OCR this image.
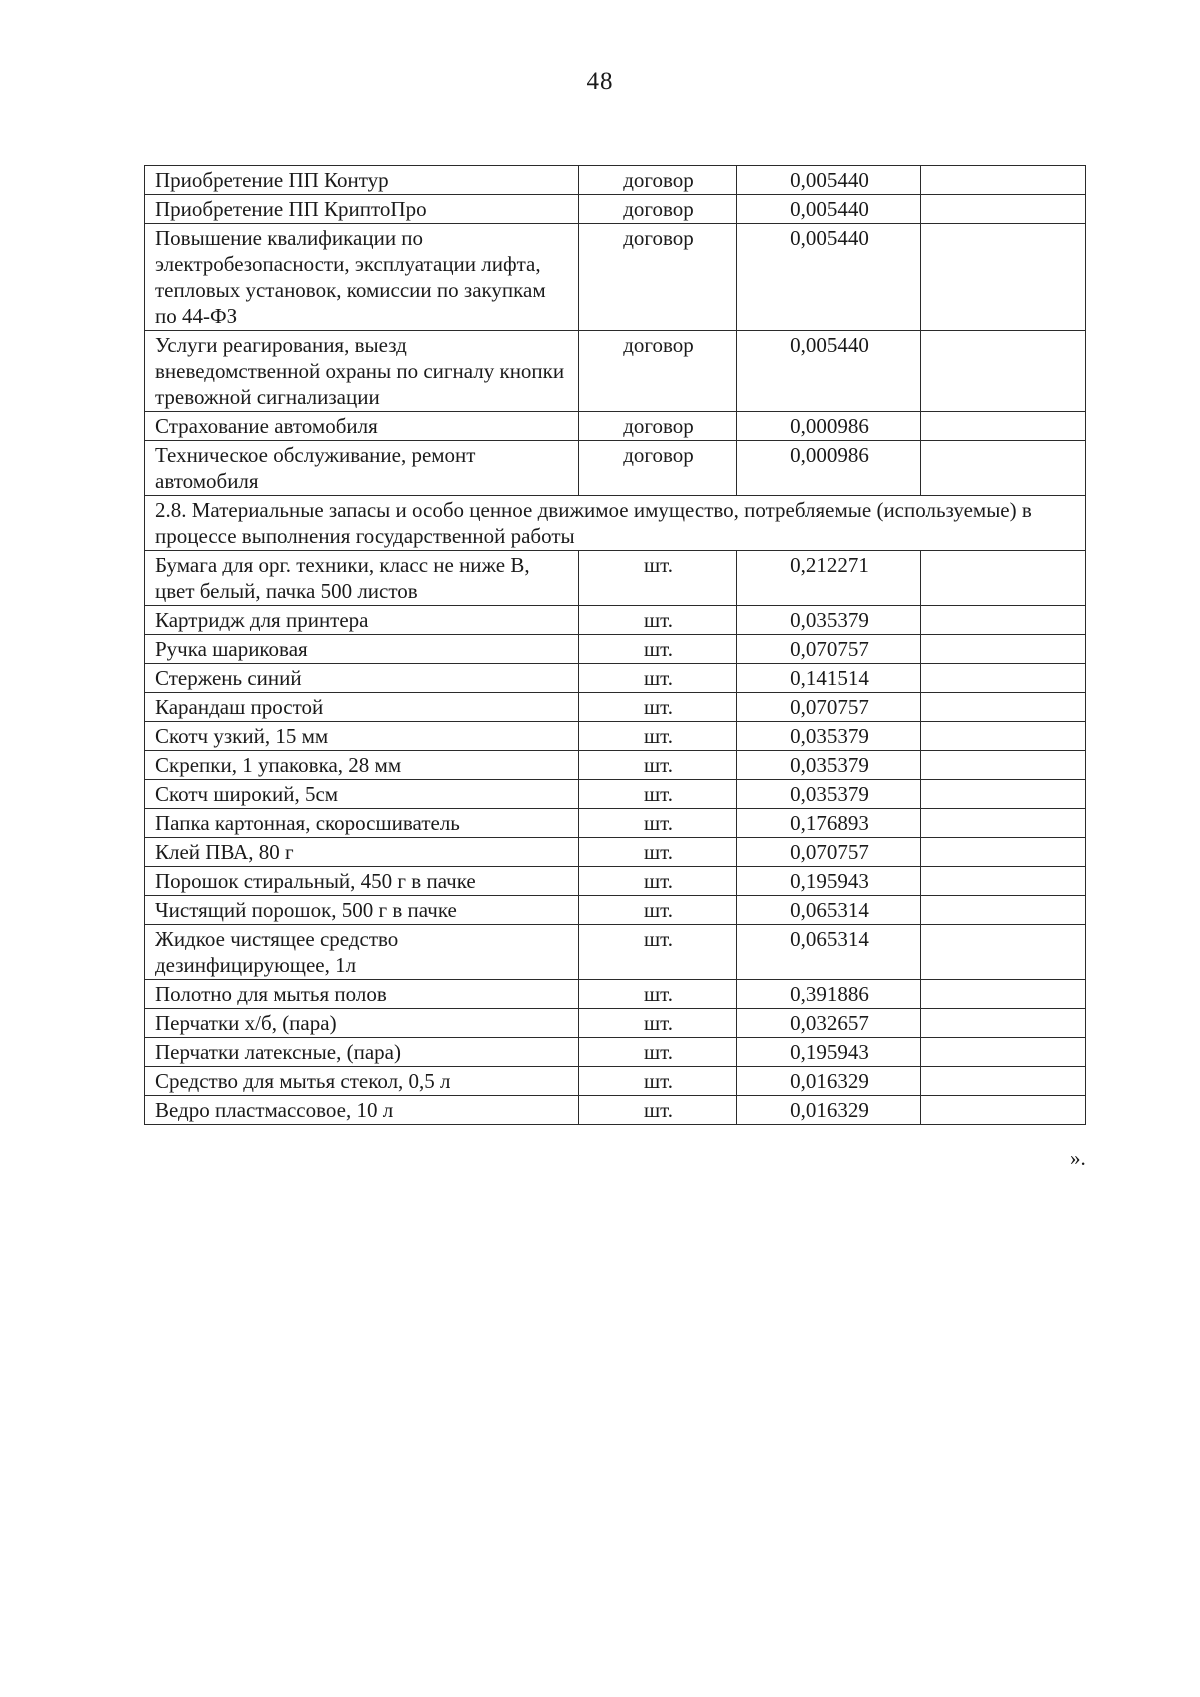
48
Приобретение ПП Контур	договор	0,005440	
Приобретение ПП КриптоПро	договор	0,005440	
Повышение квалификации по электробезопасности, эксплуатации лифта, тепловых установок, комиссии по закупкам по 44-ФЗ	договор	0,005440	
Услуги реагирования, выезд вневедомственной охраны по сигналу кнопки тревожной сигнализации	договор	0,005440	
Страхование автомобиля	договор	0,000986	
Техническое обслуживание, ремонт автомобиля	договор	0,000986	
2.8. Материальные запасы и особо ценное движимое имущество, потребляемые (используемые) в процессе выполнения государственной работы			
Бумага для орг. техники, класс не ниже В, цвет белый, пачка 500 листов	шт.	0,212271	
Картридж для принтера	шт.	0,035379	
Ручка шариковая	шт.	0,070757	
Стержень синий	шт.	0,141514	
Карандаш простой	шт.	0,070757	
Скотч узкий, 15 мм	шт.	0,035379	
Скрепки, 1 упаковка, 28 мм	шт.	0,035379	
Скотч широкий, 5см	шт.	0,035379	
Папка картонная, скоросшиватель	шт.	0,176893	
Клей ПВА, 80 г	шт.	0,070757	
Порошок стиральный, 450 г в пачке	шт.	0,195943	
Чистящий порошок, 500 г в пачке	шт.	0,065314	
Жидкое чистящее средство дезинфицирующее, 1л	шт.	0,065314	
Полотно для мытья полов	шт.	0,391886	
Перчатки х/б, (пара)	шт.	0,032657	
Перчатки латексные, (пара)	шт.	0,195943	
Средство для мытья стекол, 0,5 л	шт.	0,016329	
Ведро пластмассовое, 10 л	шт.	0,016329	
».
